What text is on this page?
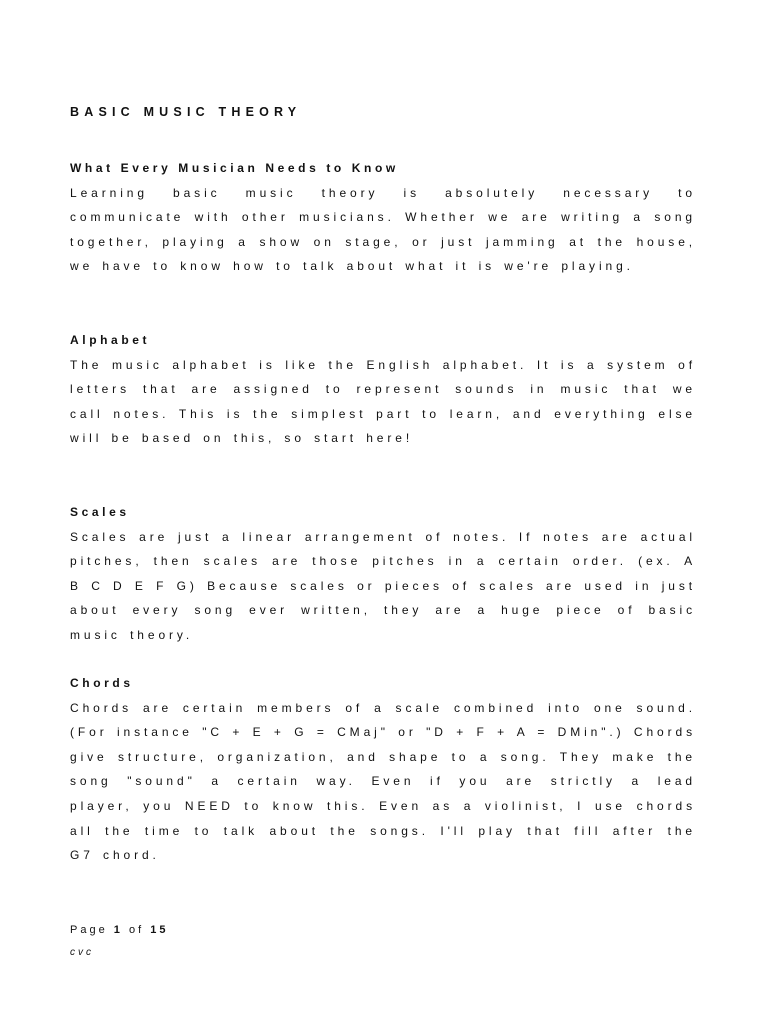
BASIC MUSIC THEORY
What Every Musician Needs to Know

Learning basic music theory is absolutely necessary to communicate with other musicians. Whether we are writing a song together, playing a show on stage, or just jamming at the house, we have to know how to talk about what it is we're playing.

Alphabet

The music alphabet is like the English alphabet. It is a system of letters that are assigned to represent sounds in music that we call notes. This is the simplest part to learn, and everything else will be based on this, so start here!

Scales

Scales are just a linear arrangement of notes. If notes are actual pitches, then scales are those pitches in a certain order. (ex. A B C D E F G) Because scales or pieces of scales are used in just about every song ever written, they are a huge piece of basic music theory.

Chords

Chords are certain members of a scale combined into one sound. (For instance "C + E + G = CMaj" or "D + F + A = DMin".) Chords give structure, organization, and shape to a song. They make the song "sound" a certain way. Even if you are strictly a lead player, you NEED to know this. Even as a violinist, I use chords all the time to talk about the songs. I'll play that fill after the G7 chord.

Page 1 of 15
cvc
